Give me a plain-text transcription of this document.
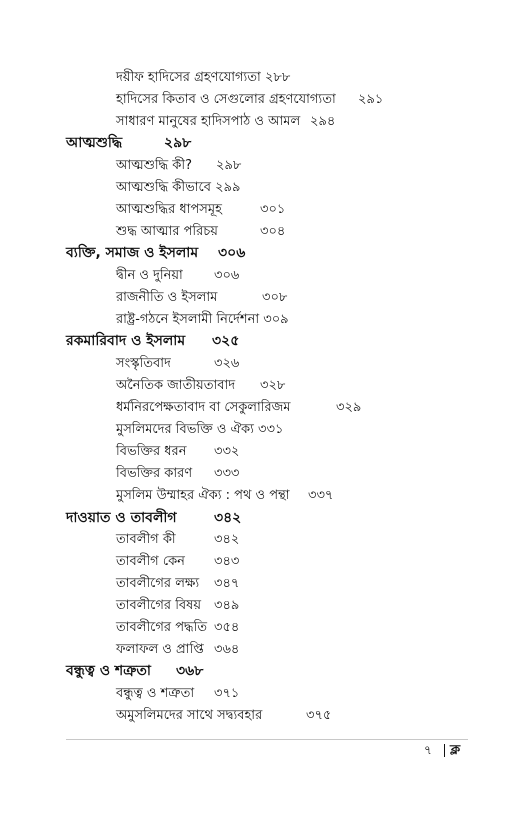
দয়ীফ হাদিসের গ্রহণযোগ্যতা ২৮৮
হাদিসের কিতাব ও সেগুলোর গ্রহণযোগ্যতা ২৯১
সাধারণ মানুষের হাদিসপাঠ ও আমল ২৯৪
আত্মশুদ্ধি	২৯৮
আত্মশুদ্ধি কী? ২৯৮
আত্মশুদ্ধি কীভাবে ২৯৯
আত্মশুদ্ধির ধাপসমূহ	৩০১
শুদ্ধ আত্মার পরিচয়	৩০৪
ব্যক্তি, সমাজ ও ইসলাম ৩০৬
দ্বীন ও দুনিয়া ৩০৬
রাজনীতি ও ইসলাম	৩০৮
রাষ্ট্র-গঠনে ইসলামী নির্দেশনা ৩০৯
রকমারিবাদ ও ইসলাম ৩২৫
সংস্কৃতিবাদ	৩২৬
অনৈতিক জাতীয়তাবাদ ৩২৮
ধর্মনিরপেক্ষতাবাদ বা সেকুলারিজম	৩২৯
মুসলিমদের বিভক্তি ও ঐক্য ৩৩১
বিভক্তির ধরন ৩৩২
বিভক্তির কারণ ৩৩৩
মুসলিম উম্মাহর ঐক্য : পথ ও পন্থা ৩৩৭
দাওয়াত ও তাবলীগ	৩৪২
তাবলীগ কী	৩৪২
তাবলীগ কেন ৩৪৩
তাবলীগের লক্ষ্য ৩৪৭
তাবলীগের বিষয় ৩৪৯
তাবলীগের পদ্ধতি ৩৫৪
ফলাফল ও প্রাপ্তি ৩৬৪
বন্ধুত্ব ও শত্রুতা ৩৬৮
বন্ধুত্ব ও শত্রুতা ৩৭১
অমুসলিমদের সাথে সদ্ব্যবহার	৩৭৫
৭ ক্ল
